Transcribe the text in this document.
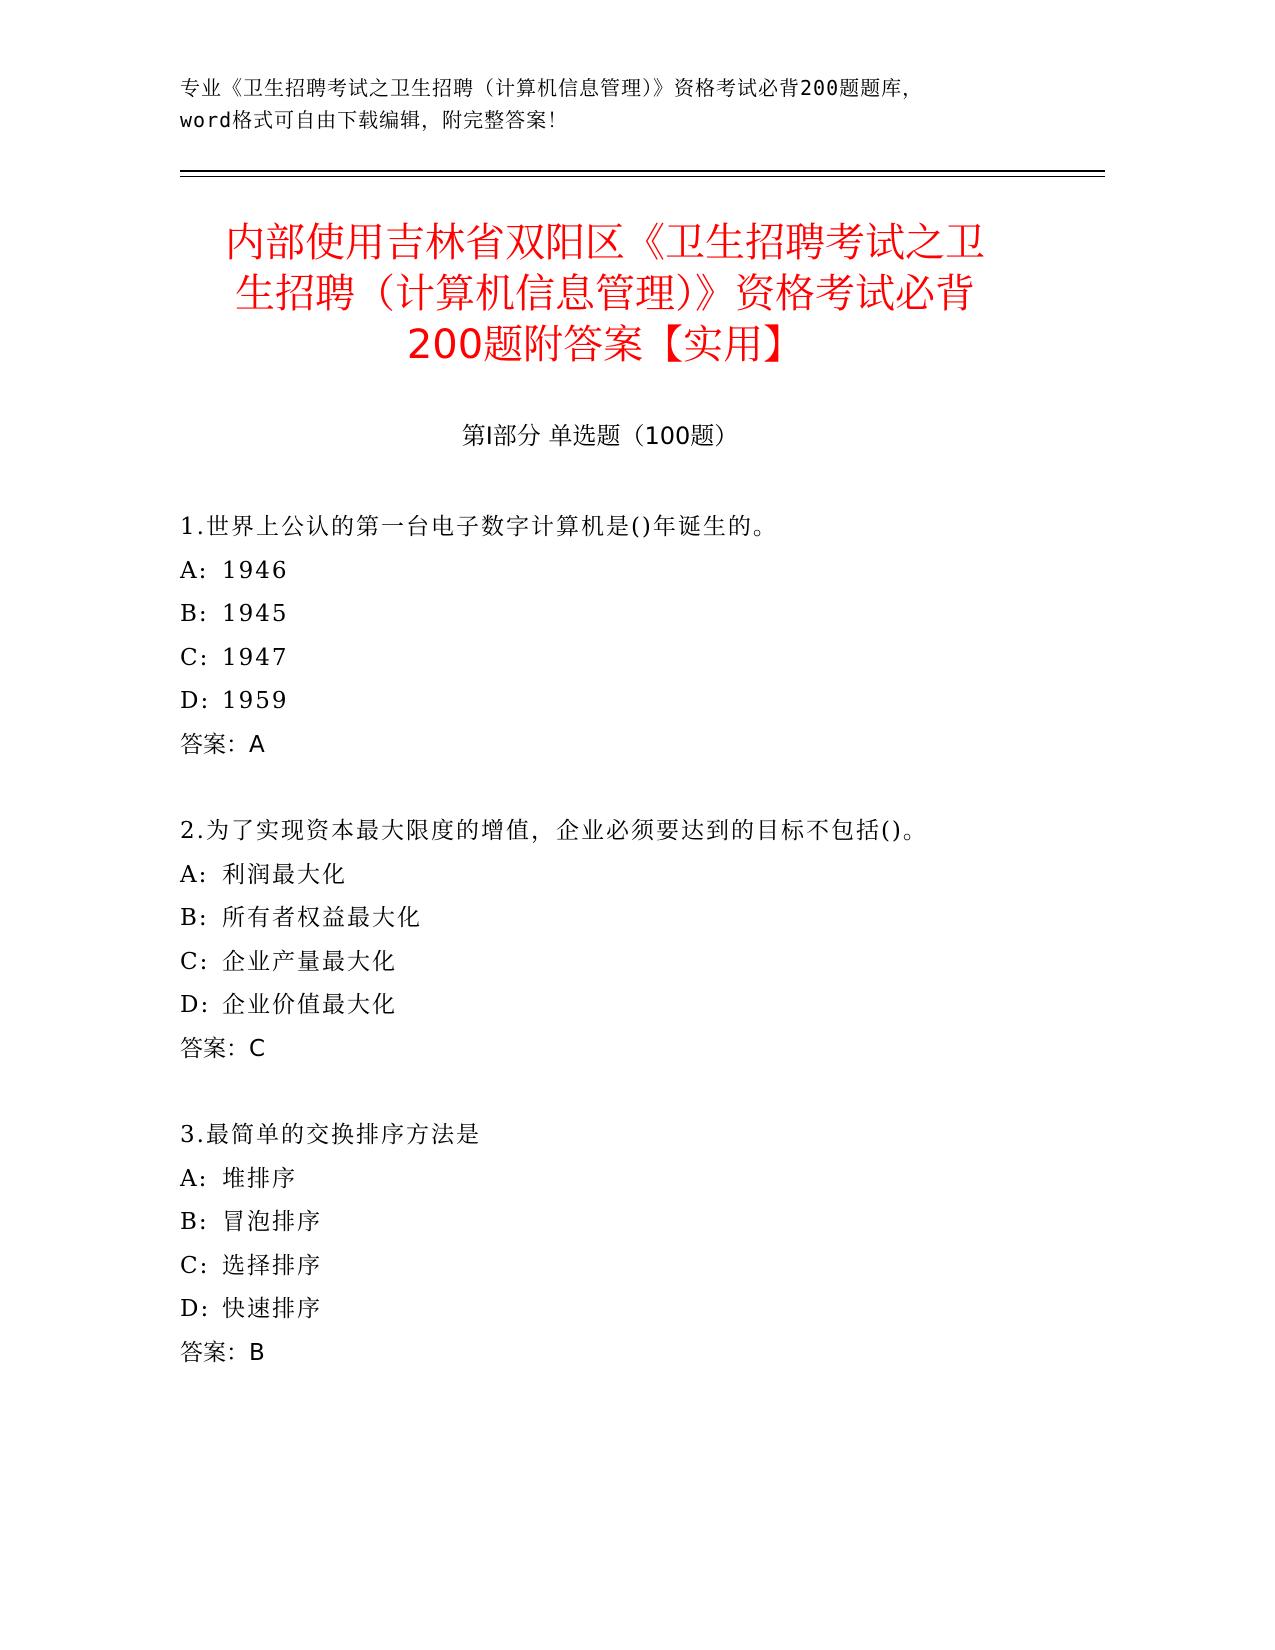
专业《卫生招聘考试之卫生招聘（计算机信息管理）》资格考试必背200题题库，
word格式可自由下载编辑，附完整答案！
内部使用吉林省双阳区《卫生招聘考试之卫
生招聘（计算机信息管理）》资格考试必背
200题附答案【实用】
第Ⅰ部分 单选题（100题）
1.世界上公认的第一台电子数字计算机是()年诞生的。
A: 1946
B: 1945
C: 1947
D: 1959
答案：A
2.为了实现资本最大限度的增值，企业必须要达到的目标不包括()。
A: 利润最大化
B: 所有者权益最大化
C: 企业产量最大化
D: 企业价值最大化
答案：C
3.最简单的交换排序方法是
A: 堆排序
B: 冒泡排序
C: 选择排序
D: 快速排序
答案：B
